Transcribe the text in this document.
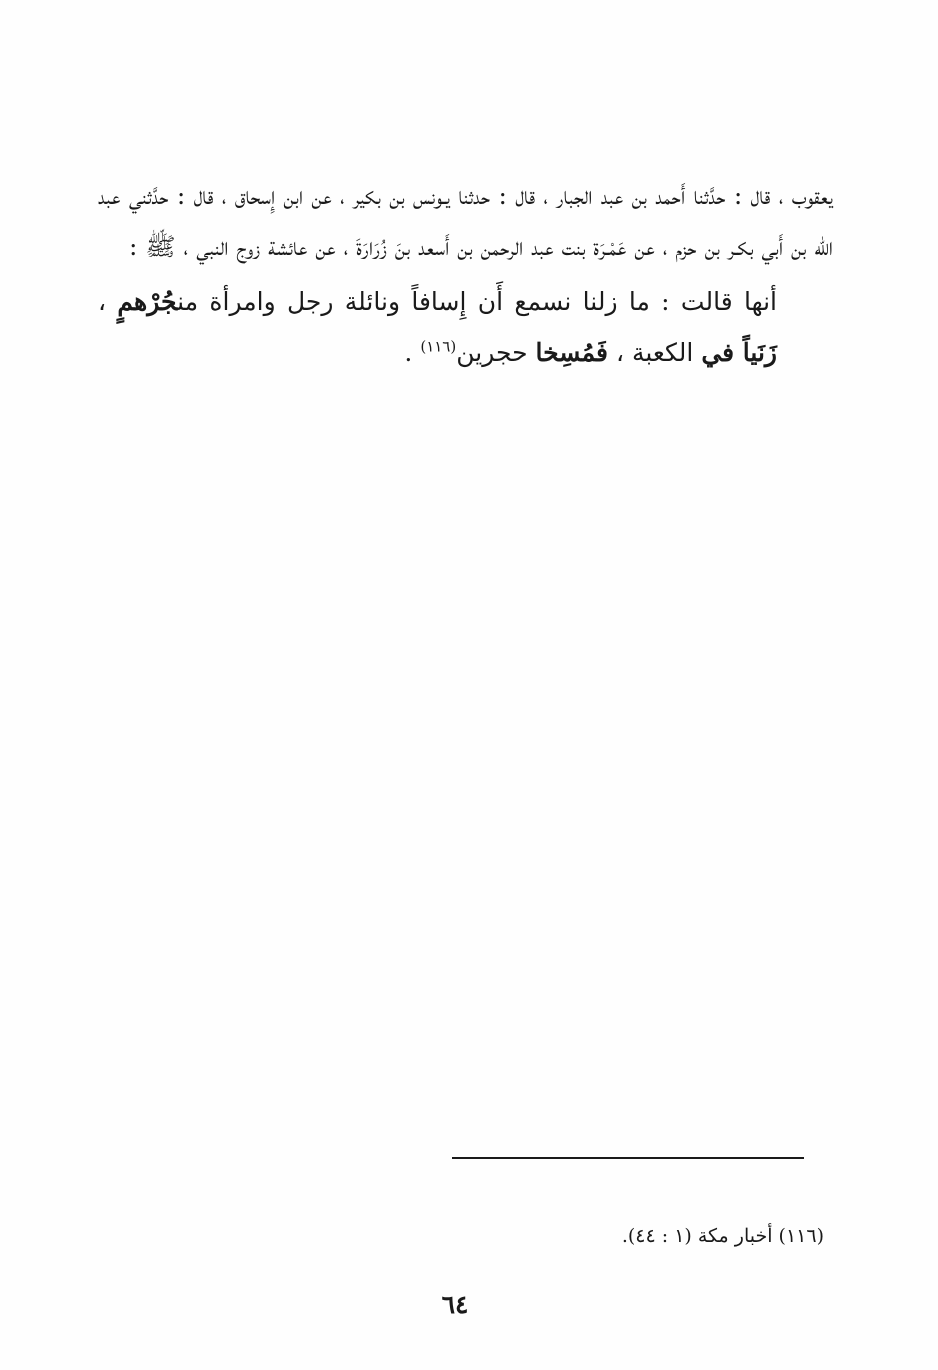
يعقوب ، قال : حدَّثنا أَحمد بن عبد الجبار ، قال : حدثنا يـونس بن بكير ، عن ابن إِسحاق ، قال : حدَّثني عبد الله بن أَبي بكـر بن حزم ، عن عَمْـرَة بنت عبد الرحمن بن أَسعد بنَ زُرَارَةَ ، عن عائشة زوج النبي ، ﷺ :

أنها قالت : ما زلنا نسمع أَن إِسافاً ونائلة رجل وامرأة منجُرْهمٍ ، زَنَياً في الكعبة ، فَمُسِخا حجرين$^{(١١٦)}$ .

(١١٦) أخبار مكة (١ : ٤٤).
٦٤
